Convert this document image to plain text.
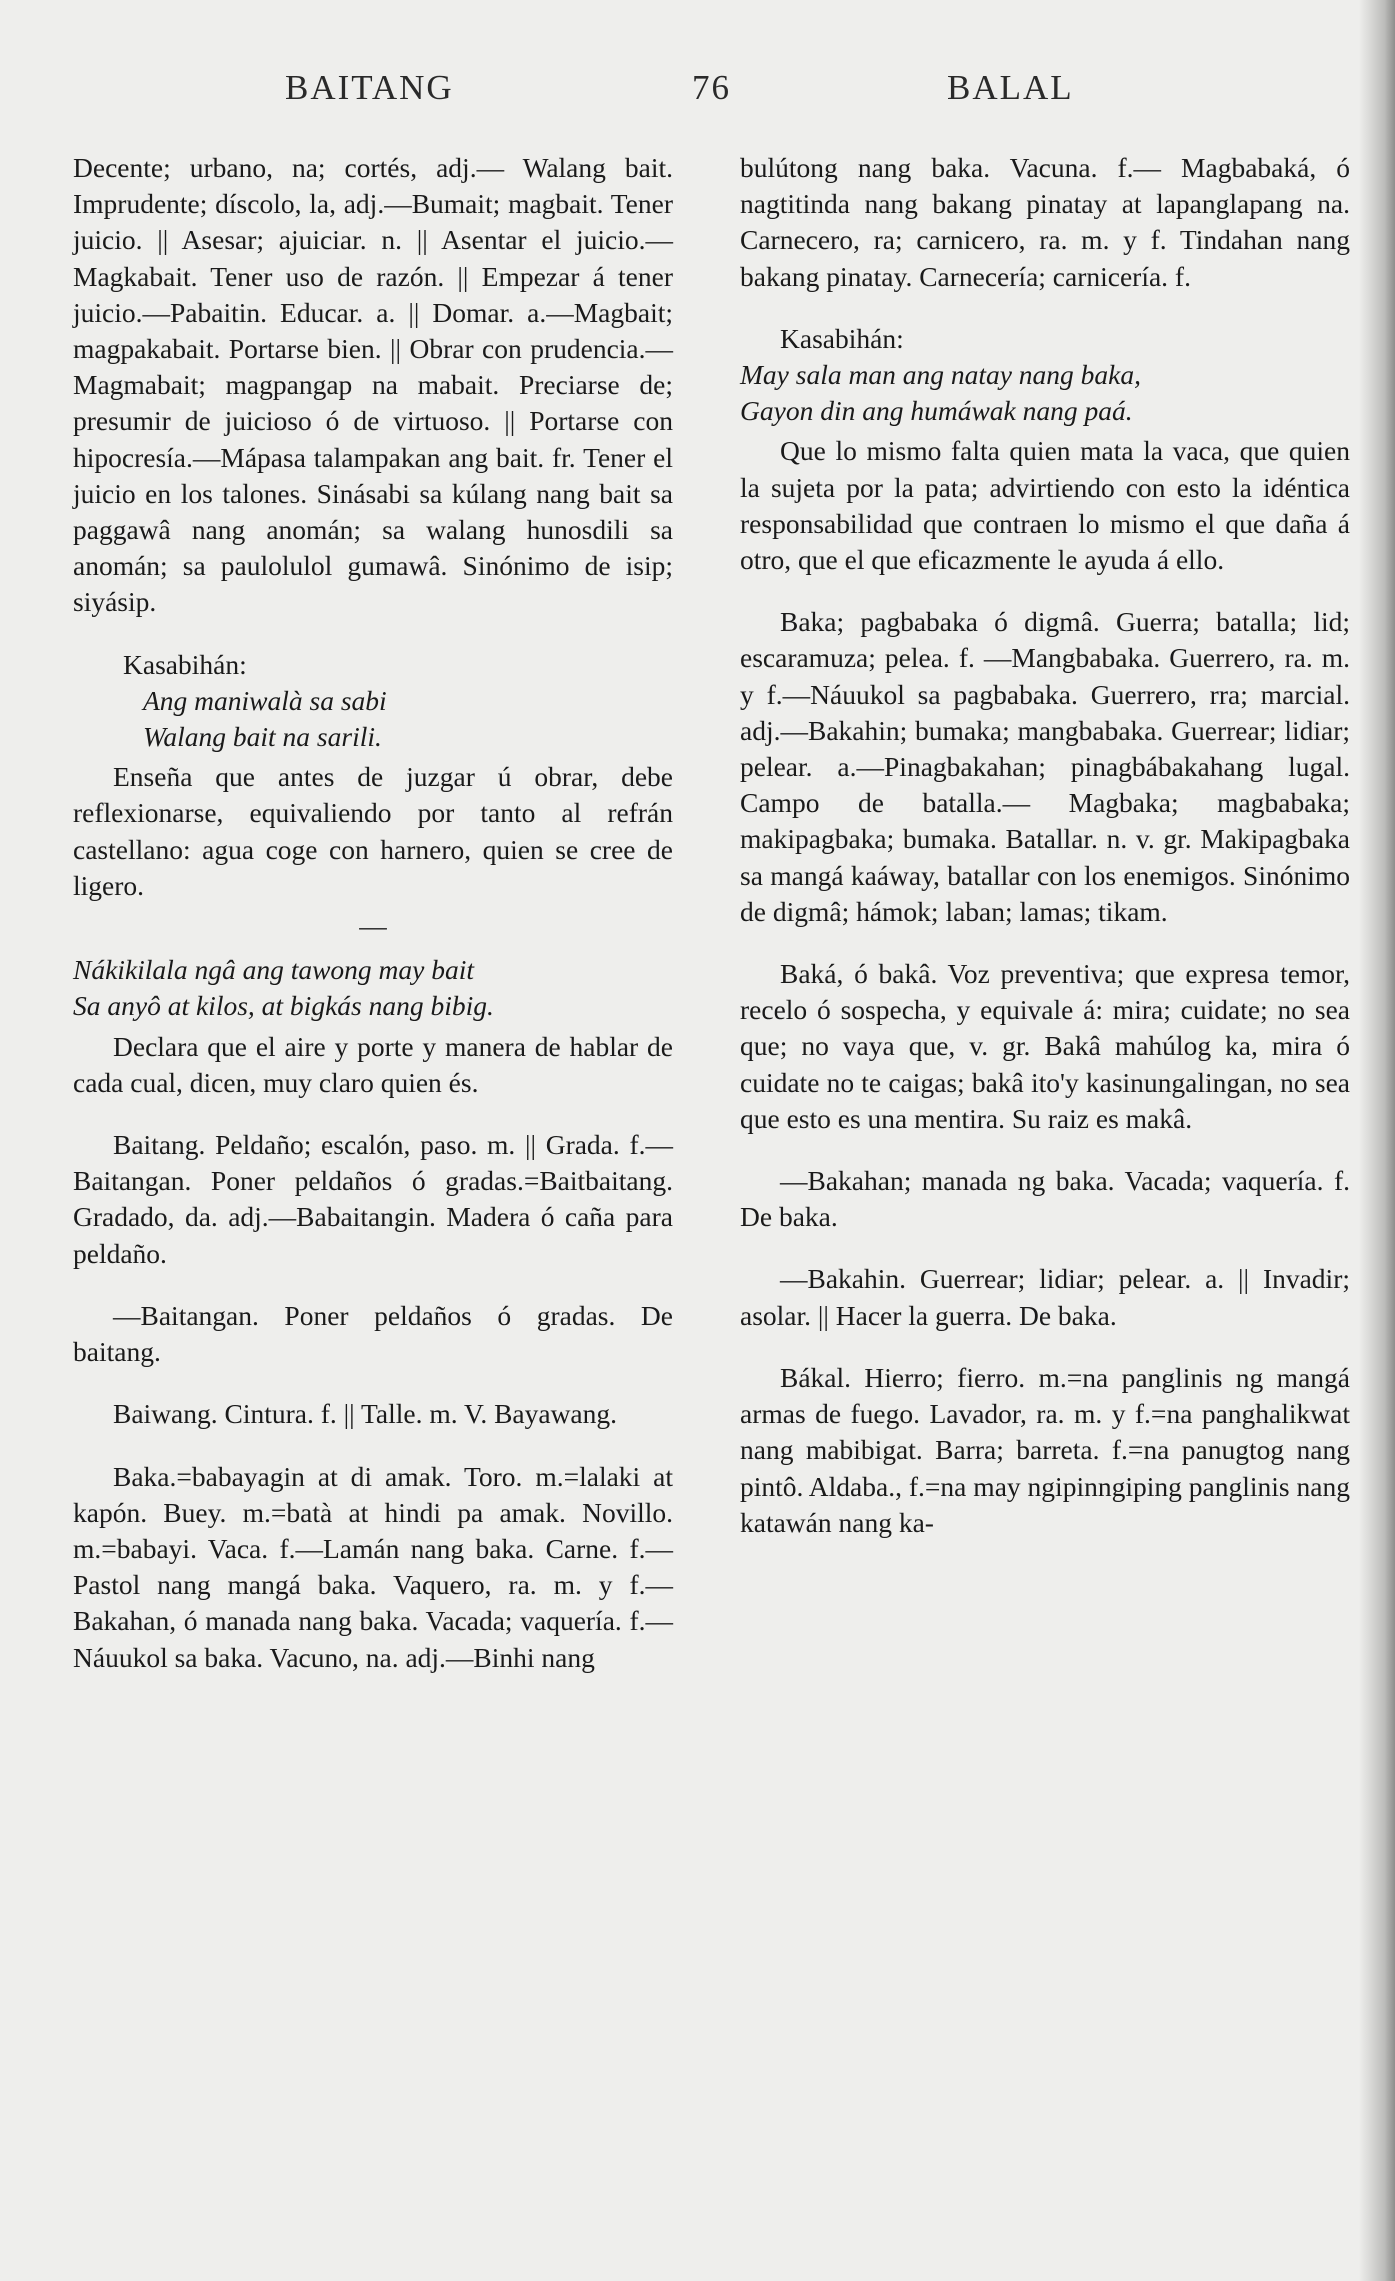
BAITANG	76	BALAL

Decente; urbano, na; cortés, adj.— Walang bait. Imprudente; díscolo, la, adj.—Bumait; magbait. Tener juicio. || Asesar; ajuiciar. n. || Asentar el juicio.—Magkabait. Tener uso de razón. || Empezar á tener juicio.—Pabaitin. Educar. a. || Domar. a.—Magbait; magpakabait. Portarse bien. || Obrar con prudencia.—Magmabait; magpangap na mabait. Preciarse de; presumir de juicioso ó de virtuoso. || Portarse con hipocresía.—Mápasa talampakan ang bait. fr. Tener el juicio en los talones. Sinásabi sa kúlang nang bait sa paggawâ nang anomán; sa walang hunosdili sa anomán; sa paulolulol gumawâ. Sinónimo de isip; siyásip.

Kasabihán:
Ang maniwalà sa sabi
Walang bait na sarili.

Enseña que antes de juzgar ú obrar, debe reflexionarse, equivaliendo por tanto al refrán castellano: agua coge con harnero, quien se cree de ligero.

—

Nákikilala ngâ ang tawong may bait
Sa anyô at kilos, at bigkás nang bibig.

Declara que el aire y porte y manera de hablar de cada cual, dicen, muy claro quien és.

Baitang. Peldaño; escalón, paso. m. || Grada. f.—Baitangan. Poner peldaños ó gradas.=Baitbaitang. Gradado, da. adj.—Babaitangin. Madera ó caña para peldaño.

—Baitangan. Poner peldaños ó gradas. De baitang.

Baiwang. Cintura. f. || Talle. m. V. Bayawang.

Baka.=babayagin at di amak. Toro. m.=lalaki at kapón. Buey. m.=batà at hindi pa amak. Novillo. m.=babayi. Vaca. f.—Lamán nang baka. Carne. f.—Pastol nang mangá baka. Vaquero, ra. m. y f.—Bakahan, ó manada nang baka. Vacada; vaquería. f.—Náuukol sa baka. Vacuno, na. adj.—Binhi nang

bulútong nang baka. Vacuna. f.— Magbabaká, ó nagtitinda nang bakang pinatay at lapanglapang na. Carnecero, ra; carnicero, ra. m. y f. Tindahan nang bakang pinatay. Carnecería; carnicería. f.

Kasabihán:
May sala man ang natay nang baka,
Gayon din ang humáwak nang paá.

Que lo mismo falta quien mata la vaca, que quien la sujeta por la pata; advirtiendo con esto la idéntica responsabilidad que contraen lo mismo el que daña á otro, que el que eficazmente le ayuda á ello.

Baka; pagbabaka ó digmâ. Guerra; batalla; lid; escaramuza; pelea. f. —Mangbabaka. Guerrero, ra. m. y f.—Náuukol sa pagbabaka. Guerrero, rra; marcial. adj.—Bakahin; bumaka; mangbabaka. Guerrear; lidiar; pelear. a.—Pinagbakahan; pinagbábakahang lugal. Campo de batalla.— Magbaka; magbabaka; makipagbaka; bumaka. Batallar. n. v. gr. Makipagbaka sa mangá kaáway, batallar con los enemigos. Sinónimo de digmâ; hámok; laban; lamas; tikam.

Baká, ó bakâ. Voz preventiva; que expresa temor, recelo ó sospecha, y equivale á: mira; cuidate; no sea que; no vaya que, v. gr. Bakâ mahúlog ka, mira ó cuidate no te caigas; bakâ ito'y kasinungalingan, no sea que esto es una mentira. Su raiz es makâ.

—Bakahan; manada ng baka. Vacada; vaquería. f. De baka.

—Bakahin. Guerrear; lidiar; pelear. a. || Invadir; asolar. || Hacer la guerra. De baka.

Bákal. Hierro; fierro. m.=na panglinis ng mangá armas de fuego. Lavador, ra. m. y f.=na panghalikwat nang mabibigat. Barra; barreta. f.=na panugtog nang pintô. Aldaba., f.=na may ngipinngiping panglinis nang katawán nang ka-
